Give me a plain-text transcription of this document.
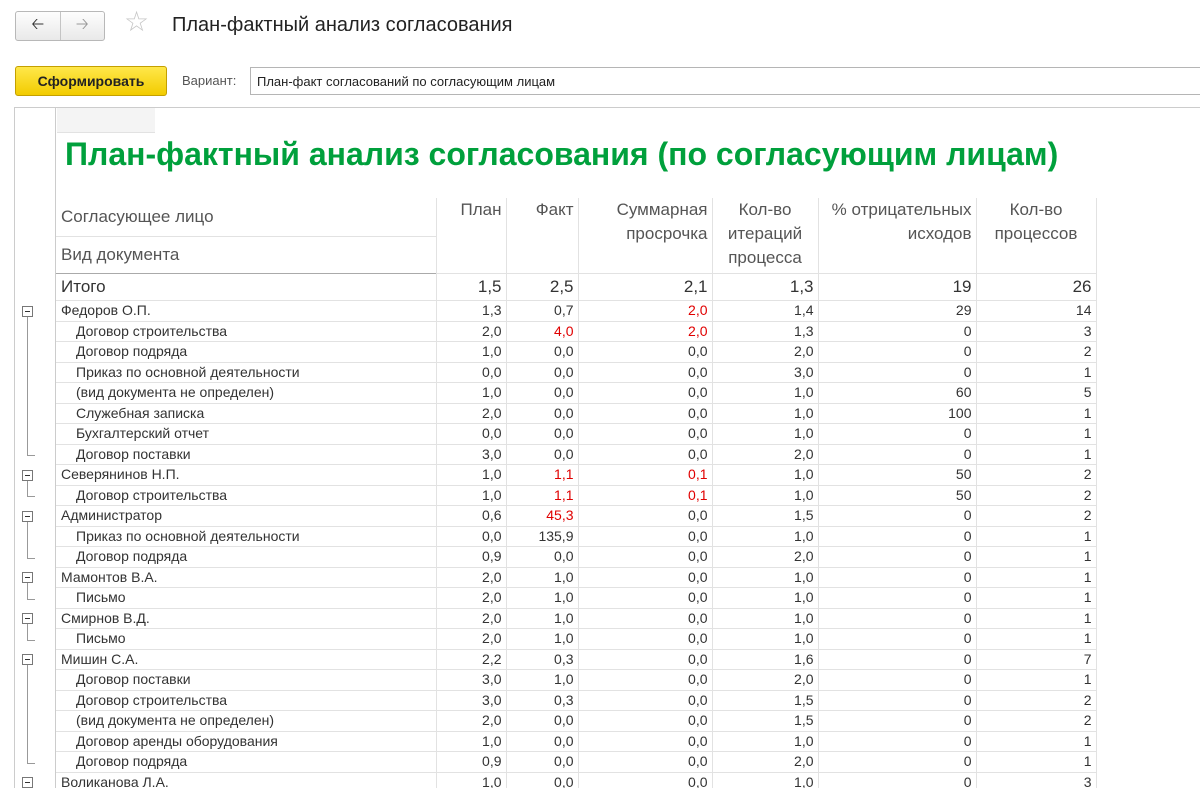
🡠	🡢	☆ План-фактный анализ согласования
Сформировать	Вариант:	План-факт согласований по согласующим лицам
План-фактный анализ согласования (по согласующим лицам)
Согласующее лицо	План	Факт	Суммарная просрочка	Кол-во итераций процесса	% отрицательных исходов	Кол-во процессов
Вид документа						
Итого	1,5	2,5	2,1	1,3	19	26
Федоров О.П.	1,3	0,7	2,0	1,4	29	14
Договор строительства	2,0	4,0	2,0	1,3	0	3
Договор подряда	1,0	0,0	0,0	2,0	0	2
Приказ по основной деятельности	0,0	0,0	0,0	3,0	0	1
(вид документа не определен)	1,0	0,0	0,0	1,0	60	5
Служебная записка	2,0	0,0	0,0	1,0	100	1
Бухгалтерский отчет	0,0	0,0	0,0	1,0	0	1
Договор поставки	3,0	0,0	0,0	2,0	0	1
Северянинов Н.П.	1,0	1,1	0,1	1,0	50	2
Договор строительства	1,0	1,1	0,1	1,0	50	2
Администратор	0,6	45,3	0,0	1,5	0	2
Приказ по основной деятельности	0,0	135,9	0,0	1,0	0	1
Договор подряда	0,9	0,0	0,0	2,0	0	1
Мамонтов В.А.	2,0	1,0	0,0	1,0	0	1
Письмо	2,0	1,0	0,0	1,0	0	1
Смирнов В.Д.	2,0	1,0	0,0	1,0	0	1
Письмо	2,0	1,0	0,0	1,0	0	1
Мишин С.А.	2,2	0,3	0,0	1,6	0	7
Договор поставки	3,0	1,0	0,0	2,0	0	1
Договор строительства	3,0	0,3	0,0	1,5	0	2
(вид документа не определен)	2,0	0,0	0,0	1,5	0	2
Договор аренды оборудования	1,0	0,0	0,0	1,0	0	1
Договор подряда	0,9	0,0	0,0	2,0	0	1
Воликанова Л.А.	1,0	0,0	0,0	1,0	0	3
